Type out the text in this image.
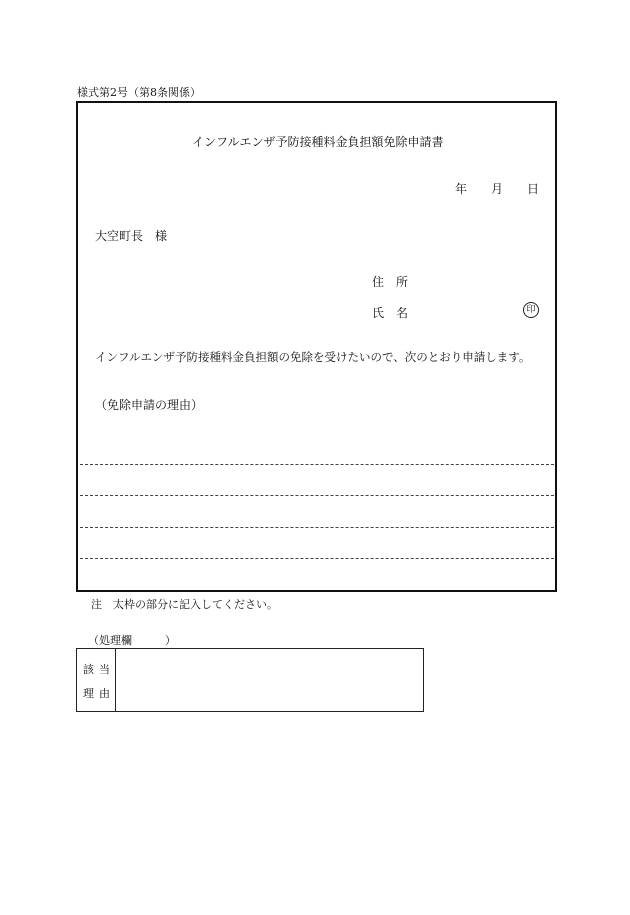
様式第2号（第8条関係）
インフルエンザ予防接種料金負担額免除申請書
年 月 日
大空町長　様
住　所
氏　名	印
インフルエンザ予防接種料金負担額の免除を受けたいので、次のとおり申請します。
（免除申請の理由）
注　太枠の部分に記入してください。
（処理欄　　　）
該当
理由
